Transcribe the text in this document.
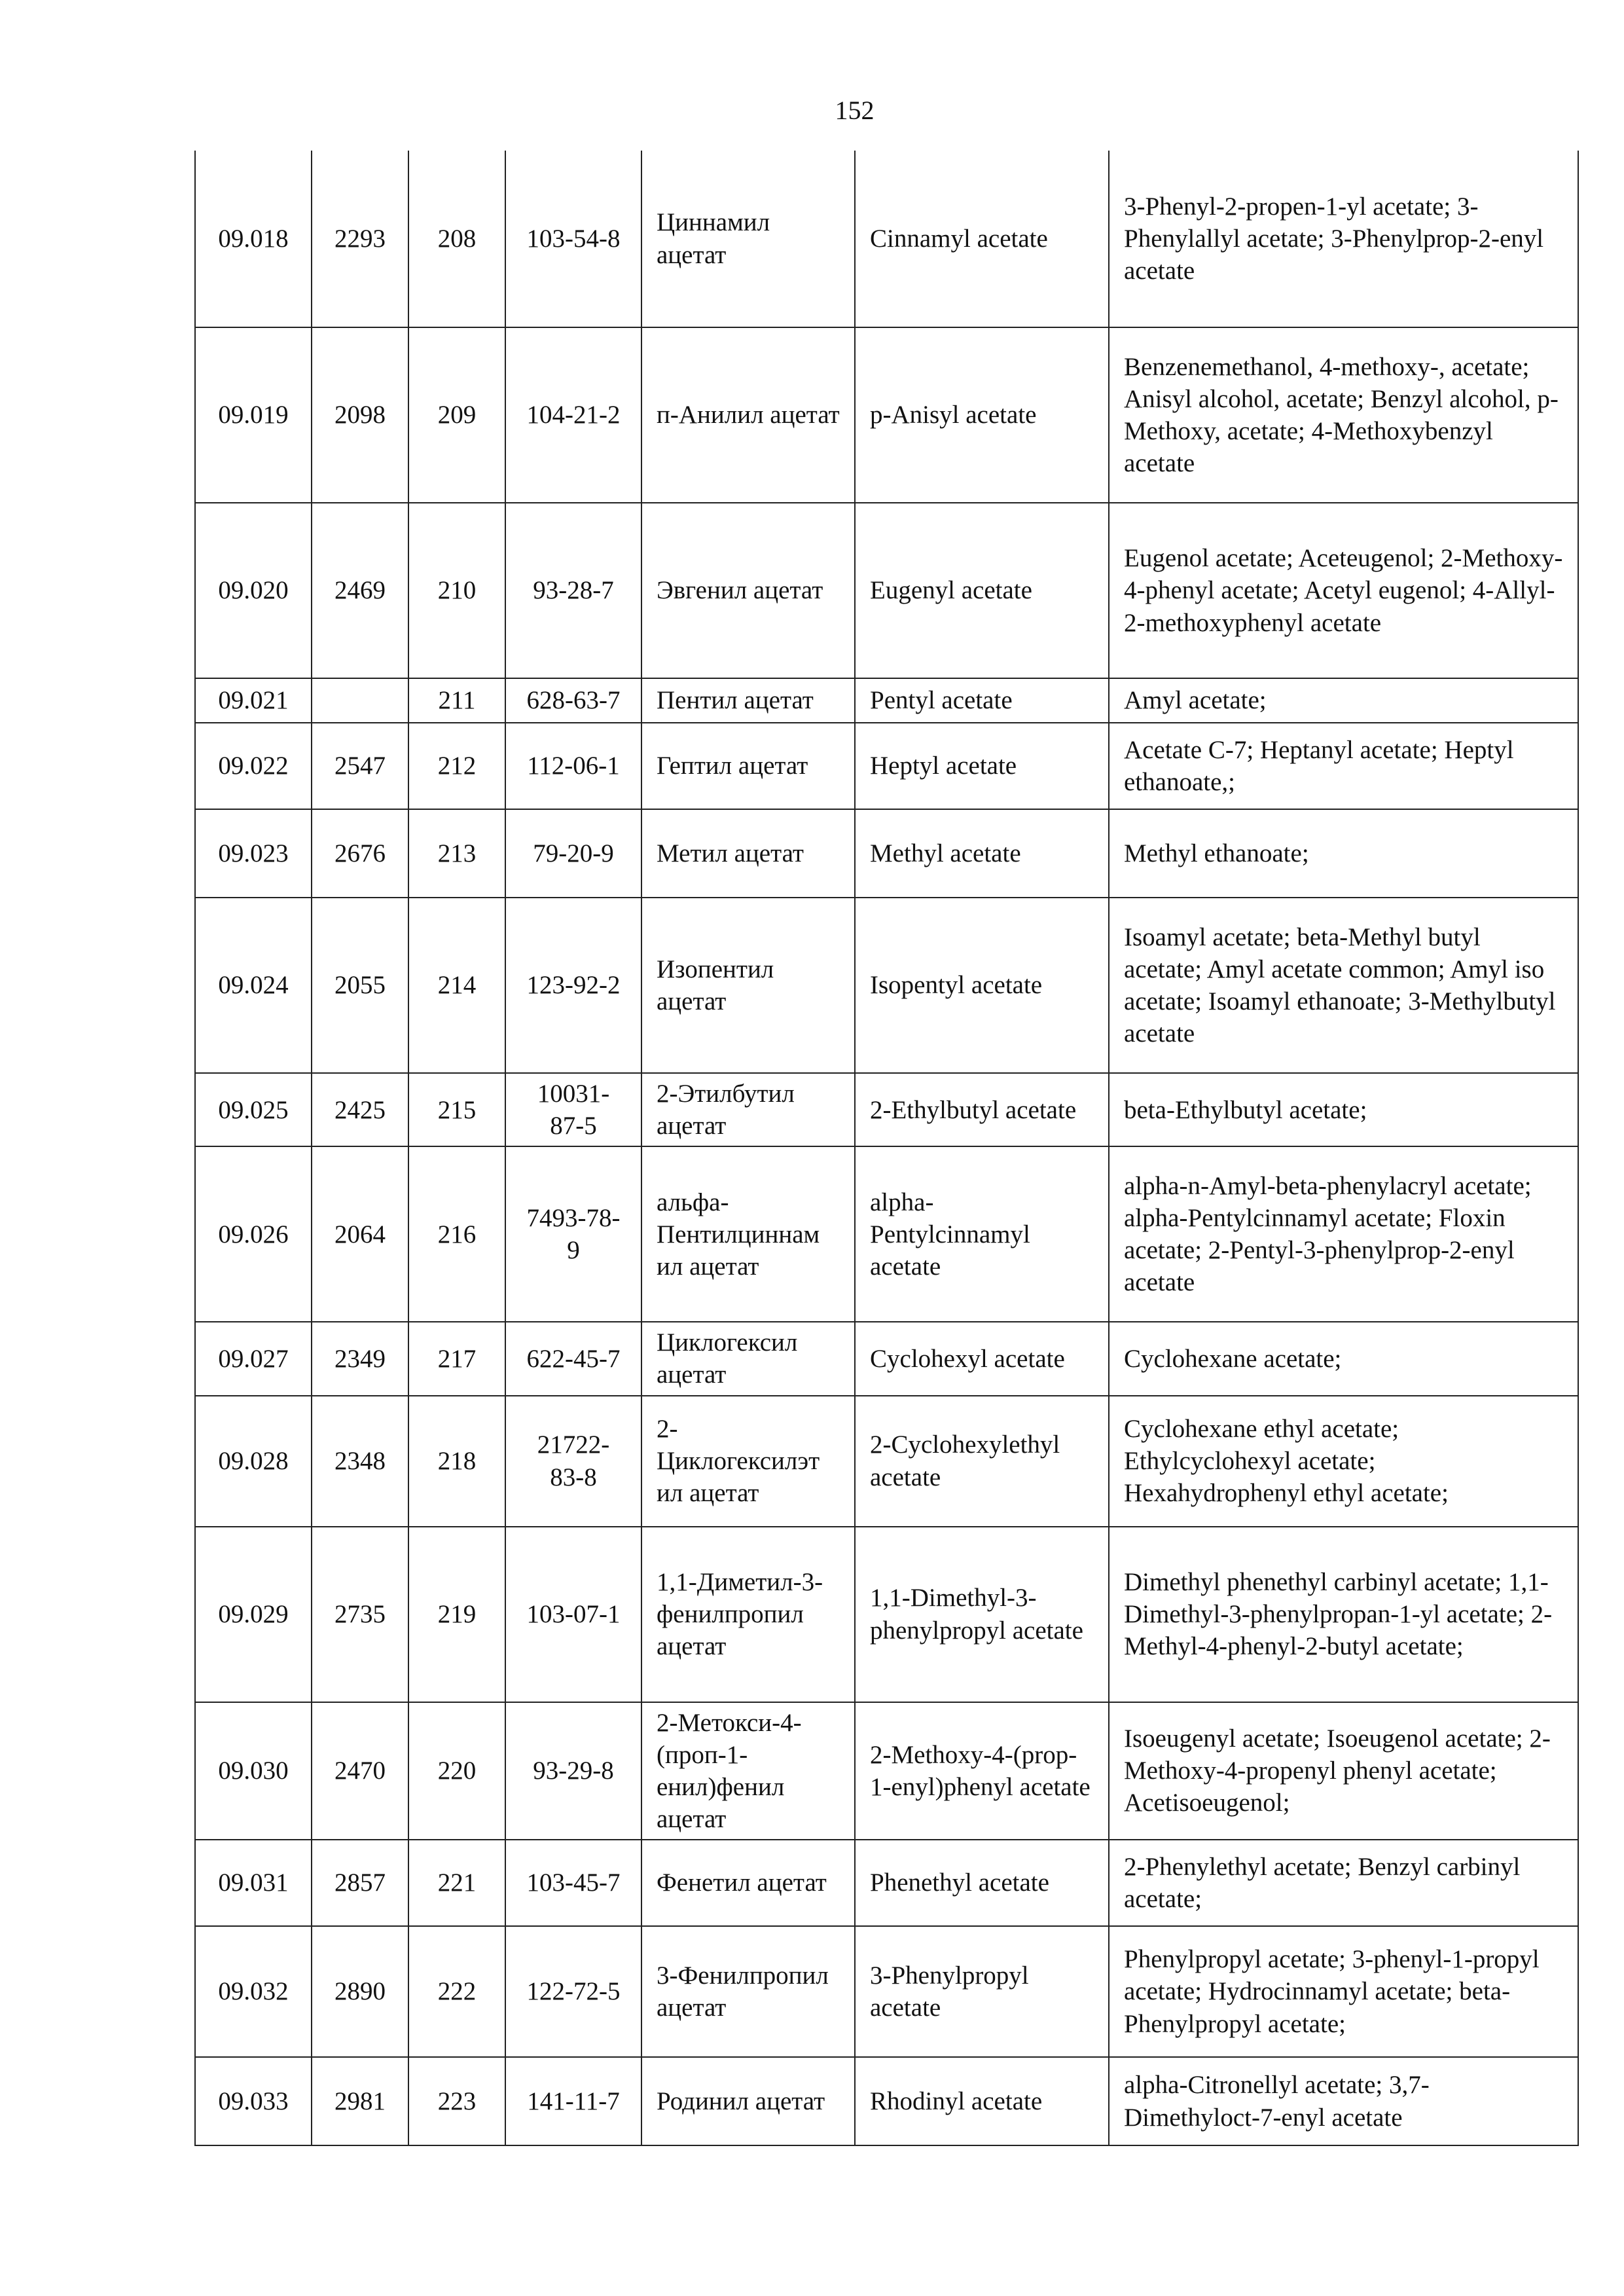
152
09.018	2293	208	103-54-8	Циннамил ацетат	Cinnamyl acetate	3-Phenyl-2-propen-1-yl acetate; 3-Phenylallyl acetate; 3-Phenylprop-2-enyl acetate
09.019	2098	209	104-21-2	п-Анилил ацетат	p-Anisyl acetate	Benzenemethanol, 4-methoxy-, acetate; Anisyl alcohol, acetate; Benzyl alcohol, p-Methoxy, acetate; 4-Methoxybenzyl acetate
09.020	2469	210	93-28-7	Эвгенил ацетат	Eugenyl acetate	Eugenol acetate; Aceteugenol; 2-Methoxy-4-phenyl acetate; Acetyl eugenol; 4-Allyl-2-methoxyphenyl acetate
09.021		211	628-63-7	Пентил ацетат	Pentyl acetate	Amyl acetate;
09.022	2547	212	112-06-1	Гептил ацетат	Heptyl acetate	Acetate C-7; Heptanyl acetate; Heptyl ethanoate,;
09.023	2676	213	79-20-9	Метил ацетат	Methyl acetate	Methyl ethanoate;
09.024	2055	214	123-92-2	Изопентил ацетат	Isopentyl acetate	Isoamyl acetate; beta-Methyl butyl acetate; Amyl acetate common; Amyl iso acetate; Isoamyl ethanoate; 3-Methylbutyl acetate
09.025	2425	215	10031-87-5	2-Этилбутил ацетат	2-Ethylbutyl acetate	beta-Ethylbutyl acetate;
09.026	2064	216	7493-78-9	альфа-Пентилциннам ил ацетат	alpha-Pentylcinnamyl acetate	alpha-n-Amyl-beta-phenylacryl acetate; alpha-Pentylcinnamyl acetate; Floxin acetate; 2-Pentyl-3-phenylprop-2-enyl acetate
09.027	2349	217	622-45-7	Циклогексил ацетат	Cyclohexyl acetate	Cyclohexane acetate;
09.028	2348	218	21722-83-8	2-Циклогексилэт ил ацетат	2-Cyclohexylethyl acetate	Cyclohexane ethyl acetate; Ethylcyclohexyl acetate; Hexahydrophenyl ethyl acetate;
09.029	2735	219	103-07-1	1,1-Диметил-3-фенилпропил ацетат	1,1-Dimethyl-3-phenylpropyl acetate	Dimethyl phenethyl carbinyl acetate; 1,1-Dimethyl-3-phenylpropan-1-yl acetate; 2-Methyl-4-phenyl-2-butyl acetate;
09.030	2470	220	93-29-8	2-Метокси-4-(проп-1-енил)фенил ацетат	2-Methoxy-4-(prop-1-enyl)phenyl acetate	Isoeugenyl acetate; Isoeugenol acetate; 2-Methoxy-4-propenyl phenyl acetate; Acetisoeugenol;
09.031	2857	221	103-45-7	Фенетил ацетат	Phenethyl acetate	2-Phenylethyl acetate; Benzyl carbinyl acetate;
09.032	2890	222	122-72-5	3-Фенилпропил ацетат	3-Phenylpropyl acetate	Phenylpropyl acetate; 3-phenyl-1-propyl acetate; Hydrocinnamyl acetate; beta-Phenylpropyl acetate;
09.033	2981	223	141-11-7	Родинил ацетат	Rhodinyl acetate	alpha-Citronellyl acetate; 3,7-Dimethyloct-7-enyl acetate
